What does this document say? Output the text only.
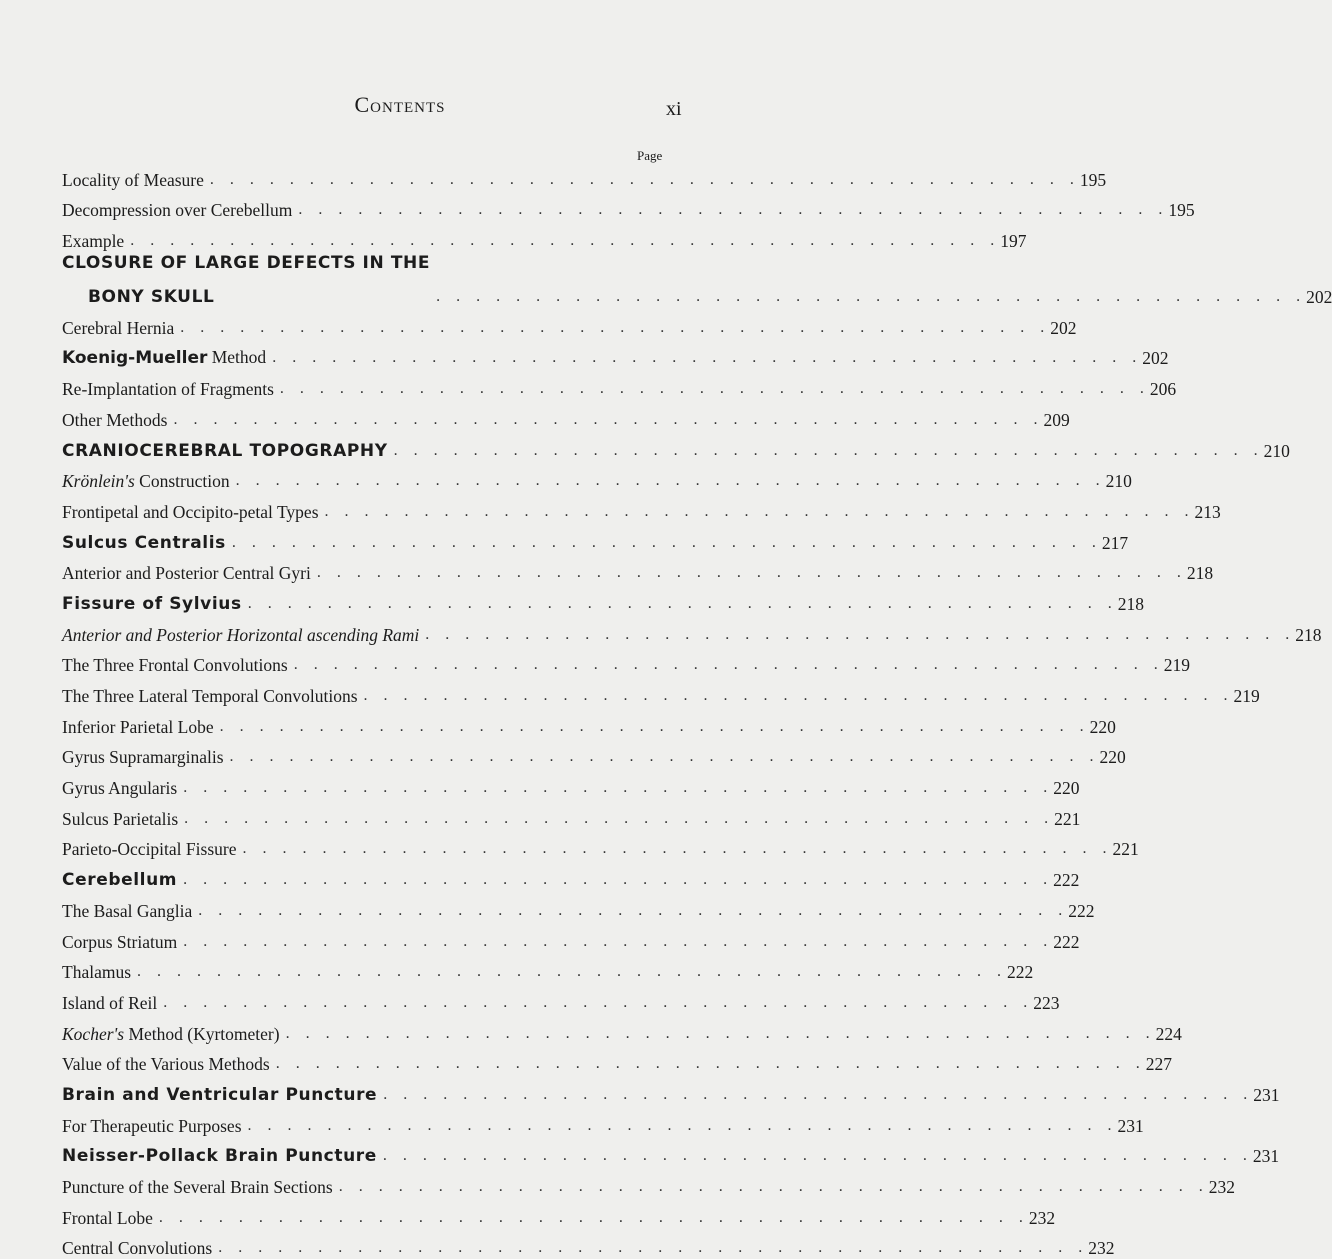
Contents	xi
Page
Locality of Measure . . . . . . . . . . . . . . . . . . . . . . . . . . . . . . . . . . . . . . . . . . . . 195
Decompression over Cerebellum . . . . . . . . . . . . . . . . . . . . . . . . . . . . . . . . . . . . . . . . . . . . 195
Example . . . . . . . . . . . . . . . . . . . . . . . . . . . . . . . . . . . . . . . . . . . . 197
CLOSURE OF LARGE DEFECTS IN THE
BONY SKULL	. . . . . . . . . . . . . . . . . . . . . . . . . . . . . . . . . . . . . . . . . . . . 202
Cerebral Hernia . . . . . . . . . . . . . . . . . . . . . . . . . . . . . . . . . . . . . . . . . . . . 202
Koenig-Mueller Method . . . . . . . . . . . . . . . . . . . . . . . . . . . . . . . . . . . . . . . . . . . . 202
Re-Implantation of Fragments . . . . . . . . . . . . . . . . . . . . . . . . . . . . . . . . . . . . . . . . . . . . 206
Other Methods . . . . . . . . . . . . . . . . . . . . . . . . . . . . . . . . . . . . . . . . . . . . 209
CRANIOCEREBRAL TOPOGRAPHY . . . . . . . . . . . . . . . . . . . . . . . . . . . . . . . . . . . . . . . . . . . . 210
Krönlein's Construction . . . . . . . . . . . . . . . . . . . . . . . . . . . . . . . . . . . . . . . . . . . . 210
Frontipetal and Occipito-petal Types . . . . . . . . . . . . . . . . . . . . . . . . . . . . . . . . . . . . . . . . . . . . 213
Sulcus Centralis . . . . . . . . . . . . . . . . . . . . . . . . . . . . . . . . . . . . . . . . . . . . 217
Anterior and Posterior Central Gyri . . . . . . . . . . . . . . . . . . . . . . . . . . . . . . . . . . . . . . . . . . . . 218
Fissure of Sylvius . . . . . . . . . . . . . . . . . . . . . . . . . . . . . . . . . . . . . . . . . . . . 218
Anterior and Posterior Horizontal ascending Rami . . . . . . . . . . . . . . . . . . . . . . . . . . . . . . . . . . . . . . . . . . . . 218
The Three Frontal Convolutions . . . . . . . . . . . . . . . . . . . . . . . . . . . . . . . . . . . . . . . . . . . . 219
The Three Lateral Temporal Convolutions . . . . . . . . . . . . . . . . . . . . . . . . . . . . . . . . . . . . . . . . . . . . 219
Inferior Parietal Lobe . . . . . . . . . . . . . . . . . . . . . . . . . . . . . . . . . . . . . . . . . . . . 220
Gyrus Supramarginalis . . . . . . . . . . . . . . . . . . . . . . . . . . . . . . . . . . . . . . . . . . . . 220
Gyrus Angularis . . . . . . . . . . . . . . . . . . . . . . . . . . . . . . . . . . . . . . . . . . . . 220
Sulcus Parietalis . . . . . . . . . . . . . . . . . . . . . . . . . . . . . . . . . . . . . . . . . . . . 221
Parieto-Occipital Fissure . . . . . . . . . . . . . . . . . . . . . . . . . . . . . . . . . . . . . . . . . . . . 221
Cerebellum . . . . . . . . . . . . . . . . . . . . . . . . . . . . . . . . . . . . . . . . . . . . 222
The Basal Ganglia . . . . . . . . . . . . . . . . . . . . . . . . . . . . . . . . . . . . . . . . . . . . 222
Corpus Striatum . . . . . . . . . . . . . . . . . . . . . . . . . . . . . . . . . . . . . . . . . . . . 222
Thalamus . . . . . . . . . . . . . . . . . . . . . . . . . . . . . . . . . . . . . . . . . . . . 222
Island of Reil . . . . . . . . . . . . . . . . . . . . . . . . . . . . . . . . . . . . . . . . . . . . 223
Kocher's Method (Kyrtometer) . . . . . . . . . . . . . . . . . . . . . . . . . . . . . . . . . . . . . . . . . . . . 224
Value of the Various Methods . . . . . . . . . . . . . . . . . . . . . . . . . . . . . . . . . . . . . . . . . . . . 227
Brain and Ventricular Puncture . . . . . . . . . . . . . . . . . . . . . . . . . . . . . . . . . . . . . . . . . . . . 231
For Therapeutic Purposes . . . . . . . . . . . . . . . . . . . . . . . . . . . . . . . . . . . . . . . . . . . . 231
Neisser-Pollack Brain Puncture . . . . . . . . . . . . . . . . . . . . . . . . . . . . . . . . . . . . . . . . . . . . 231
Puncture of the Several Brain Sections . . . . . . . . . . . . . . . . . . . . . . . . . . . . . . . . . . . . . . . . . . . . 232
Frontal Lobe . . . . . . . . . . . . . . . . . . . . . . . . . . . . . . . . . . . . . . . . . . . . 232
Central Convolutions . . . . . . . . . . . . . . . . . . . . . . . . . . . . . . . . . . . . . . . . . . . . 232
